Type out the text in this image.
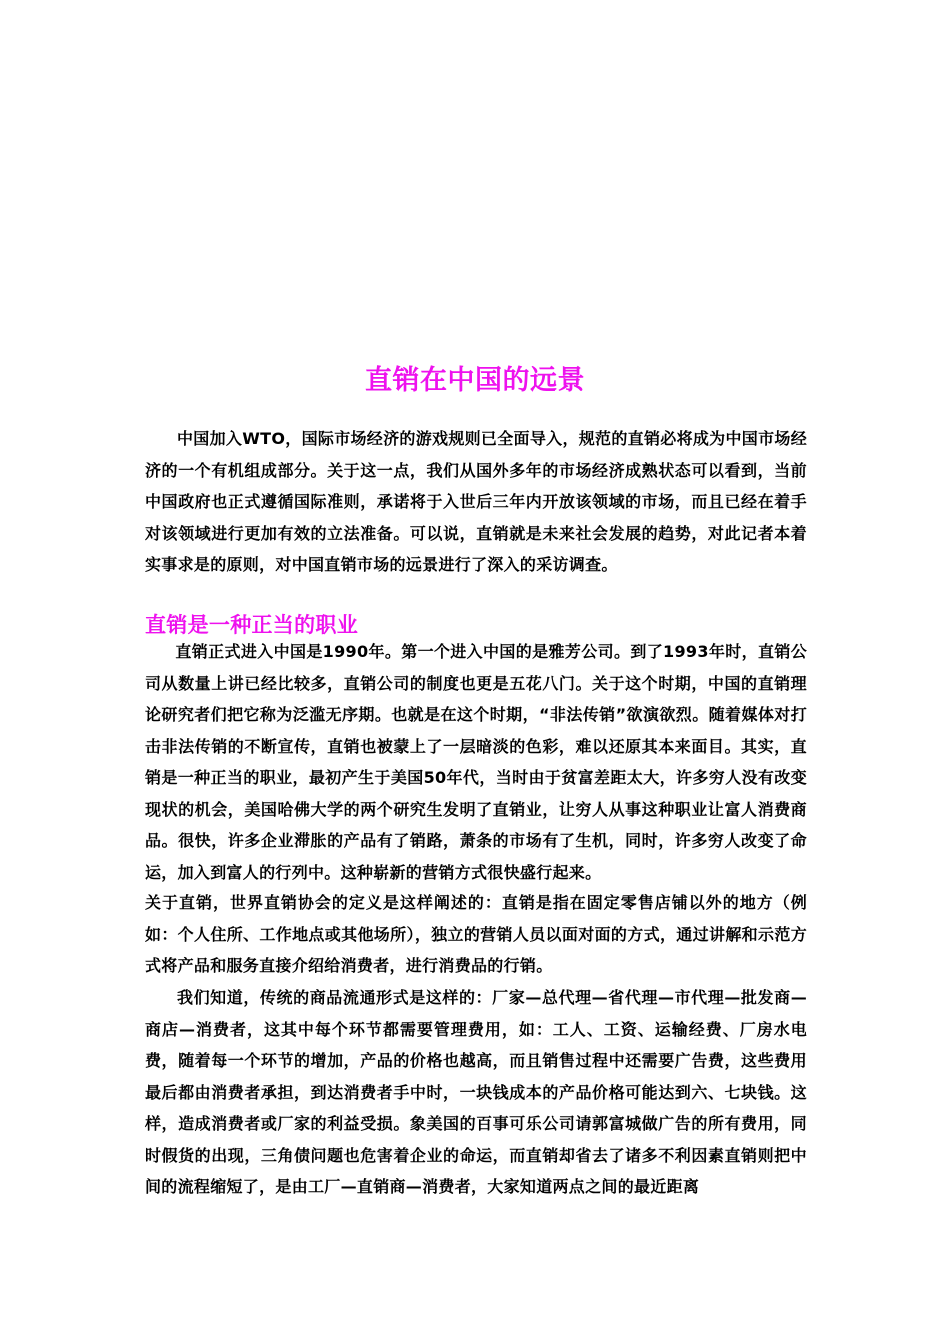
直销在中国的远景

中国加入WTO，国际市场经济的游戏规则已全面导入，规范的直销必将成为中国市场经济的一个有机组成部分。关于这一点，我们从国外多年的市场经济成熟状态可以看到，当前中国政府也正式遵循国际准则，承诺将于入世后三年内开放该领域的市场，而且已经在着手对该领域进行更加有效的立法准备。可以说，直销就是未来社会发展的趋势，对此记者本着实事求是的原则，对中国直销市场的远景进行了深入的采访调查。

直销是一种正当的职业

直销正式进入中国是1990年。第一个进入中国的是雅芳公司。到了1993年时，直销公司从数量上讲已经比较多，直销公司的制度也更是五花八门。关于这个时期，中国的直销理论研究者们把它称为泛滥无序期。也就是在这个时期，“非法传销”欲演欲烈。随着媒体对打击非法传销的不断宣传，直销也被蒙上了一层暗淡的色彩，难以还原其本来面目。其实，直销是一种正当的职业，最初产生于美国50年代，当时由于贫富差距太大，许多穷人没有改变现状的机会，美国哈佛大学的两个研究生发明了直销业，让穷人从事这种职业让富人消费商品。很快，许多企业滞胀的产品有了销路，萧条的市场有了生机，同时，许多穷人改变了命运，加入到富人的行列中。这种崭新的营销方式很快盛行起来。

关于直销，世界直销协会的定义是这样阐述的：直销是指在固定零售店铺以外的地方（例如：个人住所、工作地点或其他场所），独立的营销人员以面对面的方式，通过讲解和示范方式将产品和服务直接介绍给消费者，进行消费品的行销。

我们知道，传统的商品流通形式是这样的：厂家—总代理—省代理—市代理—批发商—商店—消费者，这其中每个环节都需要管理费用，如：工人、工资、运输经费、厂房水电费，随着每一个环节的增加，产品的价格也越高，而且销售过程中还需要广告费，这些费用最后都由消费者承担，到达消费者手中时，一块钱成本的产品价格可能达到六、七块钱。这样，造成消费者或厂家的利益受损。象美国的百事可乐公司请郭富城做广告的所有费用，同时假货的出现，三角债问题也危害着企业的命运，而直销却省去了诸多不利因素直销则把中间的流程缩短了，是由工厂—直销商—消费者，大家知道两点之间的最近距离
